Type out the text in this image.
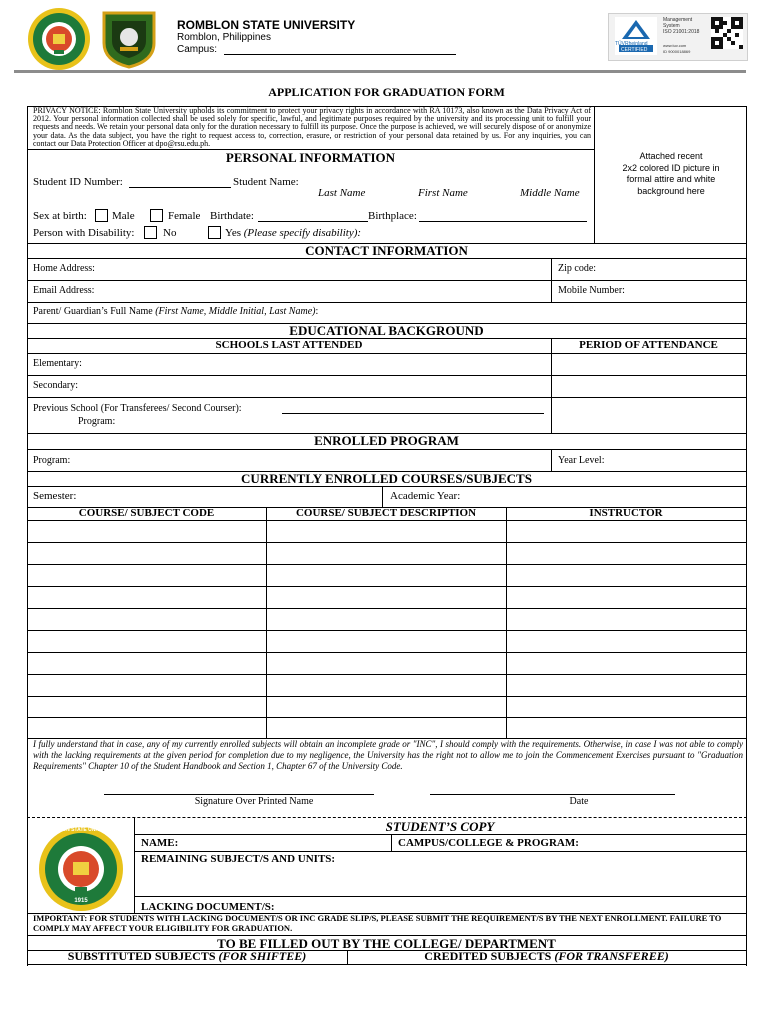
ROMBLON STATE UNIVERSITY
Romblon, Philippines
Campus:	TÜVRheinland
CERTIFIED
Management
System
ISO 21001:2018
www.tuv.com
ID 9000018869
APPLICATION FOR GRADUATION FORM
PRIVACY NOTICE: Romblon State University upholds its commitment to protect your privacy rights in accordance with RA 10173, also known as the Data Privacy Act of 2012. Your personal information collected shall be used solely for specific, lawful, and legitimate purposes required by the university and its processing unit to fulfill your requests and needs. We retain your personal data only for the duration necessary to fulfill its purpose. Once the purpose is achieved, we will securely dispose of or anonymize your data. As the data subject, you have the right to request access to, correction, erasure, or restriction of your personal data retained by us. For any inquiries, you can contact our Data Protection Officer at dpo@rsu.edu.ph.
Attached recent
2x2 colored ID picture in
formal attire and white
background here
PERSONAL INFORMATION
Student ID Number:	Student Name:
Last Name	First Name	Middle Name
Sex at birth: Male	Female Birthdate:	Birthplace:
Person with Disability:	No	Yes (Please specify disability):
CONTACT INFORMATION
Home Address:	Zip code:
Email Address:	Mobile Number:
Parent/ Guardian’s Full Name (First Name, Middle Initial, Last Name):
EDUCATIONAL BACKGROUND
SCHOOLS LAST ATTENDED	PERIOD OF ATTENDANCE
Elementary:
Secondary:
Previous School (For Transferees/ Second Courser):
Program:
ENROLLED PROGRAM
Program:	Year Level:
CURRENTLY ENROLLED COURSES/SUBJECTS
Semester:	Academic Year:
COURSE/ SUBJECT CODE	COURSE/ SUBJECT DESCRIPTION	INSTRUCTOR
I fully understand that in case, any of my currently enrolled subjects will obtain an incomplete grade or "INC", I should comply with the requirements. Otherwise, in case I was not able to comply with the lacking requirements at the given period for completion due to my negligence, the University has the right not to allow me to join the Commencement Exercises pursuant to "Graduation Requirements" Chapter 10 of the Student Handbook and Section 1, Chapter 67 of the University Code.
Signature Over Printed Name	Date
ROMBLON STATE UNIVERSITY
1915
STUDENT’S COPY
NAME:	CAMPUS/COLLEGE & PROGRAM:
REMAINING SUBJECT/S AND UNITS:
LACKING DOCUMENT/S:
IMPORTANT: FOR STUDENTS WITH LACKING DOCUMENT/S OR INC GRADE SLIP/S, PLEASE SUBMIT THE REQUIREMENT/S BY THE NEXT ENROLLMENT. FAILURE TO COMPLY MAY AFFECT YOUR ELIGIBILITY FOR GRADUATION.
TO BE FILLED OUT BY THE COLLEGE/ DEPARTMENT
SUBSTITUTED SUBJECTS (FOR SHIFTEE)	CREDITED SUBJECTS (FOR TRANSFEREE)
